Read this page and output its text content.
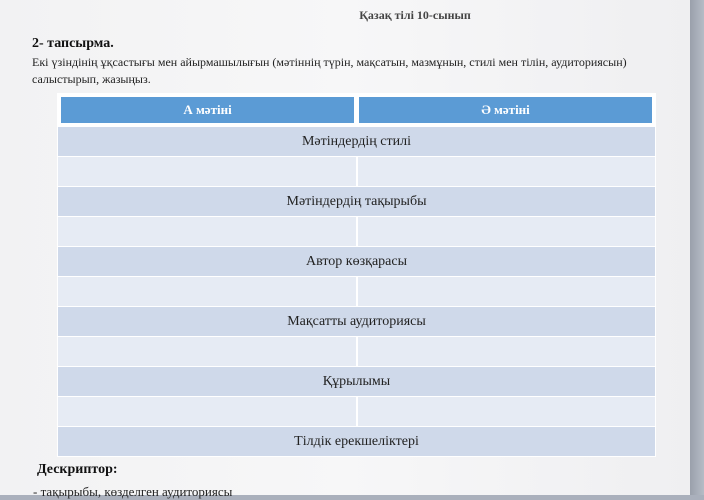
Қазақ тілі 10-сынып
2- тапсырма.
Екі үзіндінің ұқсастығы мен айырмашылығын (мәтіннің түрін, мақсатын, мазмұнын, стилі мен тілін, аудиториясын) салыстырып, жазыңыз.
А мәтіні	Ә мәтіні
Мәтіндердің стилі
Мәтіндердің тақырыбы
Автор көзқарасы
Мақсатты аудиториясы
Құрылымы
Тілдік ерекшеліктері
Дескриптор:
- тақырыбы, көзделген аудиториясы
